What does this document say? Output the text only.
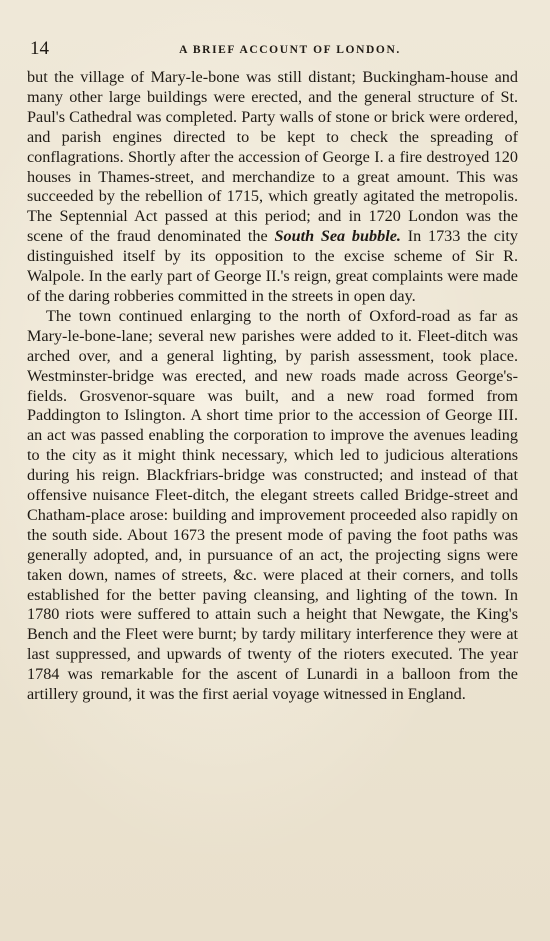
14	A BRIEF ACCOUNT OF LONDON.

but the village of Mary-le-bone was still distant; Buckingham-house and many other large buildings were erected, and the general structure of St. Paul's Cathedral was completed. Party walls of stone or brick were ordered, and parish engines directed to be kept to check the spreading of conflagrations. Shortly after the accession of George I. a fire destroyed 120 houses in Thames-street, and merchandize to a great amount. This was succeeded by the rebellion of 1715, which greatly agitated the metropolis. The Septennial Act passed at this period; and in 1720 London was the scene of the fraud denominated the South Sea bubble. In 1733 the city distinguished itself by its opposition to the excise scheme of Sir R. Walpole. In the early part of George II.'s reign, great complaints were made of the daring robberies committed in the streets in open day.

The town continued enlarging to the north of Oxford-road as far as Mary-le-bone-lane; several new parishes were added to it. Fleet-ditch was arched over, and a general lighting, by parish assessment, took place. Westminster-bridge was erected, and new roads made across George's-fields. Grosvenor-square was built, and a new road formed from Paddington to Islington. A short time prior to the accession of George III. an act was passed enabling the corporation to improve the avenues leading to the city as it might think necessary, which led to judicious alterations during his reign. Blackfriars-bridge was constructed; and instead of that offensive nuisance Fleet-ditch, the elegant streets called Bridge-street and Chatham-place arose: building and improvement proceeded also rapidly on the south side. About 1673 the present mode of paving the foot paths was generally adopted, and, in pursuance of an act, the projecting signs were taken down, names of streets, &c. were placed at their corners, and tolls established for the better paving cleansing, and lighting of the town. In 1780 riots were suffered to attain such a height that Newgate, the King's Bench and the Fleet were burnt; by tardy military interference they were at last suppressed, and upwards of twenty of the rioters executed. The year 1784 was remarkable for the ascent of Lunardi in a balloon from the artillery ground, it was the first aerial voyage witnessed in England.
